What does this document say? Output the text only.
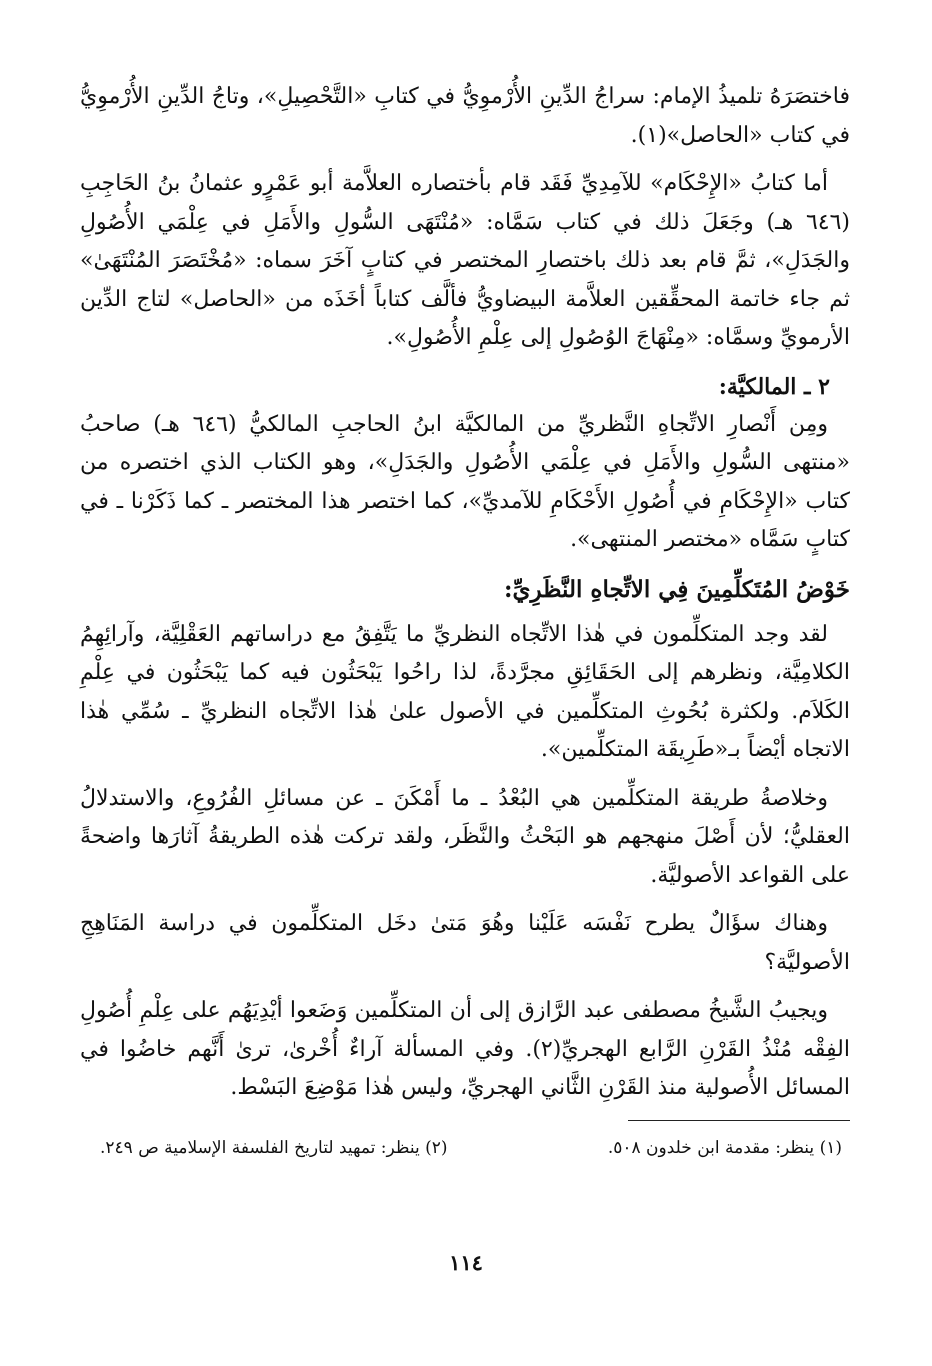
فاختصَرَهُ تلميذُ الإمام: سراجُ الدِّينِ الأُرْموِيُّ في كتابِ «التَّحْصِيلِ»، وتاجُ الدِّينِ الأُرْموِيُّ في كتاب «الحاصل»(١).

أما كتابُ «الإِحْكَام» للآمِدِيِّ فَقَد قام بأختصاره العلاَّمة أبو عَمْرٍو عثمانُ بنُ الحَاجِبِ (٦٤٦ هـ) وجَعَلَ ذلك في كتاب سَمَّاه: «مُنْتَهَى السُّولِ والأَمَلِ في عِلْمَي الأُصُولِ والجَدَلِ»، ثمَّ قام بعد ذلك باختصارِ المختصر في كتابٍ آخَرَ سماه: «مُخْتَصَرَ المُنْتَهَىٰ» ثم جاء خاتمة المحقِّقين العلاَّمة البيضاويُّ فألَّف كتاباً أخَذَه من «الحاصل» لتاج الدِّين الأرمويِّ وسمَّاه: «مِنْهَاجَ الوُصُولِ إلى عِلْمِ الأُصُولِ».

٢ ـ المالكيَّة:

ومِن أَنْصارِ الاتِّجاهِ النَّظريِّ من المالكيَّة ابنُ الحاجبِ المالكيُّ (٦٤٦ هـ) صاحبُ «منتهى السُّولِ والأَمَلِ في عِلْمَي الأُصُولِ والجَدَلِ»، وهو الكتاب الذي اختصره من كتاب «الإِحْكَامِ في أُصُولِ الأَحْكَامِ للآمديِّ»، كما اختصر هذا المختصر ـ كما ذَكَرْنا ـ في كتابٍ سَمَّاه «مختصر المنتهى».

خَوْضُ المُتَكلِّمِينَ فِي الاتِّجاهِ النَّظَرِيِّ:

لقد وجد المتكلِّمون في هٰذا الاتِّجاه النظريِّ ما يَتَّفِقُ مع دراساتهم العَقْلِيَّة، وآرائِهِمُ الكلامِيَّة، ونظرهم إلى الحَقَائِقِ مجرَّدةً، لذا راحُوا يَبْحَثُون فيه كما يَبْحَثُون في عِلْمِ الكَلاَم. ولكثرة بُحُوثِ المتكلِّمين في الأصول علىٰ هٰذا الاتِّجاه النظريِّ ـ سُمِّي هٰذا الاتجاه أيْضاً بـ«طَرِيقَة المتكلِّمين».

وخلاصةُ طريقة المتكلِّمين هي البُعْدُ ـ ما أَمْكَنَ ـ عن مسائلِ الفُرُوعِ، والاستدلالُ العقليُّ؛ لأن أَصْلَ منهجهم هو البَحْثُ والنَّظَر، ولقد تركت هٰذه الطريقةُ آثارَها واضحةً على القواعد الأصوليَّة.

وهناك سؤَالٌ يطرح نَفْسَه عَلَيْنا وهُوَ مَتىٰ دخَل المتكلِّمون في دراسة المَنَاهِجِ الأصوليَّة؟

ويجيبُ الشَّيخُ مصطفى عبد الرَّازق إلى أن المتكلِّمين وَضَعوا أيْدِيَهُم على عِلْمِ أُصُولِ الفِقْه مُنْذُ القَرْنِ الرَّابع الهجريِّ(٢). وفي المسألة آراءٌ أُخْرىٰ، ترىٰ أَنَّهم خاضُوا في المسائل الأُصولية منذ القَرْنِ الثَّاني الهجريِّ، وليس هٰذا مَوْضِعَ البَسْط.

(١) ينظر: مقدمة ابن خلدون ٥٠٨.
(٢) ينظر: تمهيد لتاريخ الفلسفة الإسلامية ص ٢٤٩.
١١٤
